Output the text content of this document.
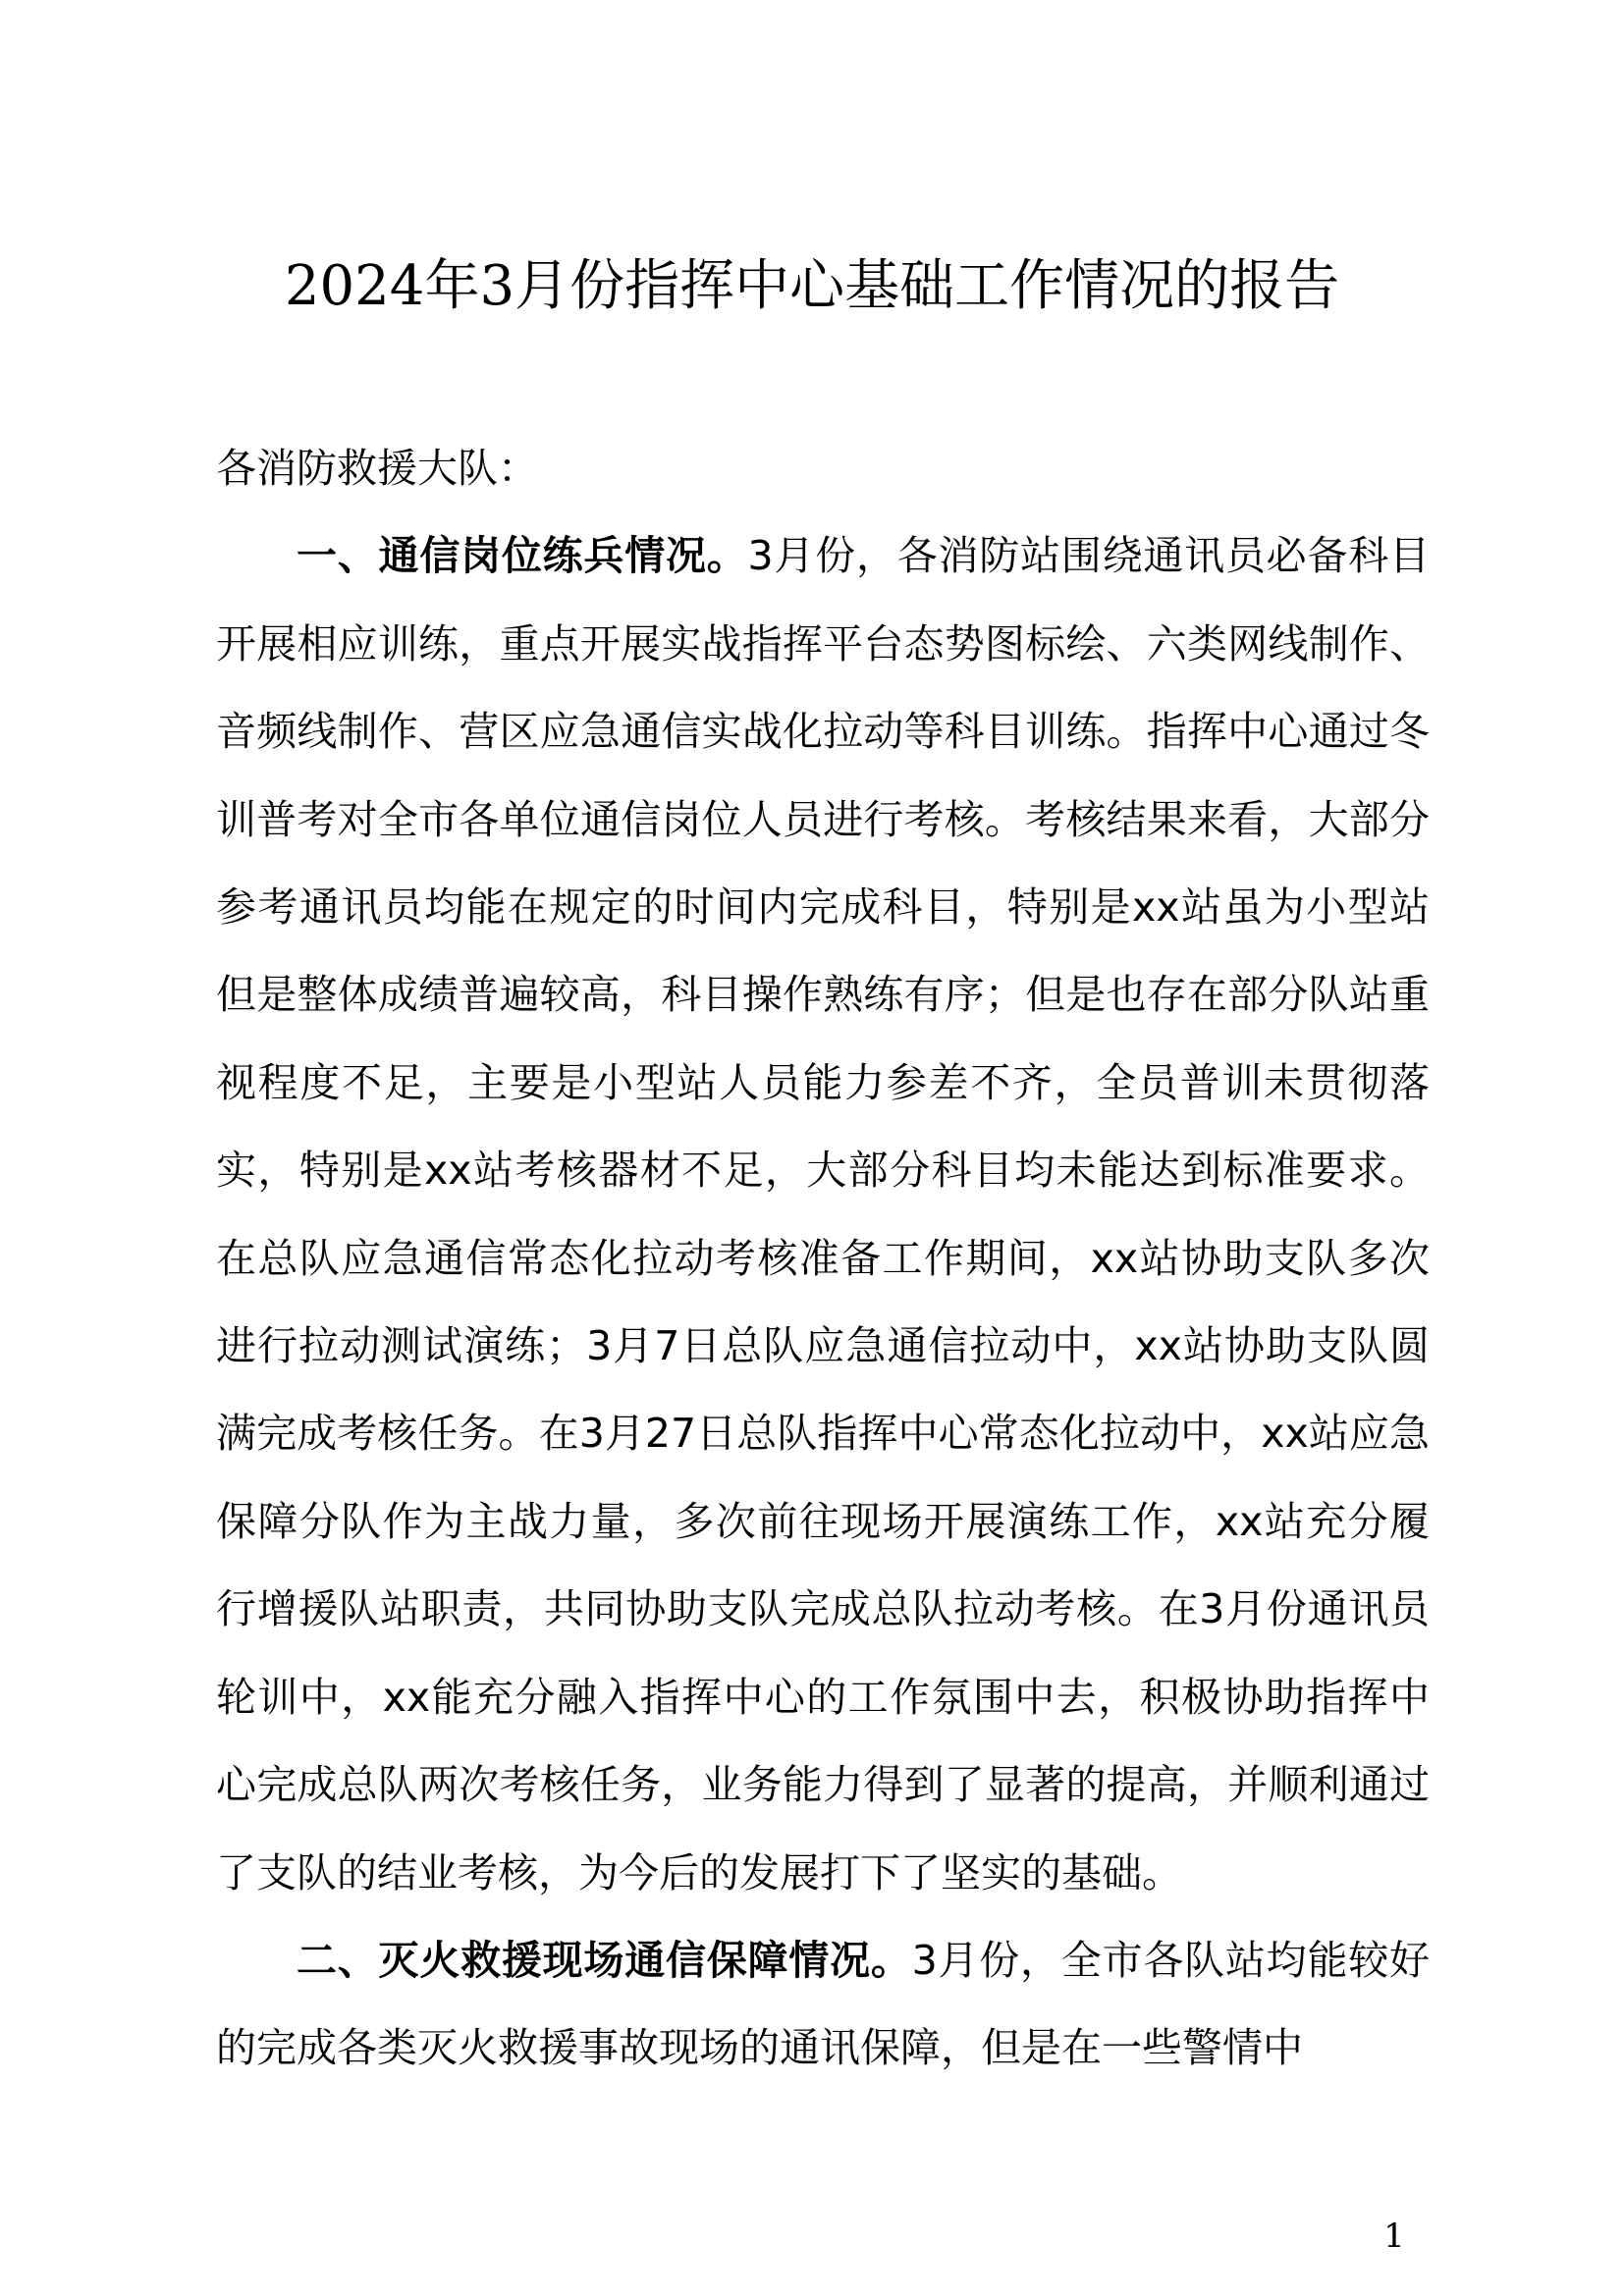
2024年3月份指挥中心基础工作情况的报告

各消防救援大队：

一、通信岗位练兵情况。3月份，各消防站围绕通讯员必备科目开展相应训练，重点开展实战指挥平台态势图标绘、六类网线制作、音频线制作、营区应急通信实战化拉动等科目训练。指挥中心通过冬训普考对全市各单位通信岗位人员进行考核。考核结果来看，大部分参考通讯员均能在规定的时间内完成科目，特别是xx站虽为小型站但是整体成绩普遍较高，科目操作熟练有序；但是也存在部分队站重视程度不足，主要是小型站人员能力参差不齐，全员普训未贯彻落实，特别是xx站考核器材不足，大部分科目均未能达到标准要求。在总队应急通信常态化拉动考核准备工作期间，xx站协助支队多次进行拉动测试演练；3月7日总队应急通信拉动中，xx站协助支队圆满完成考核任务。在3月27日总队指挥中心常态化拉动中，xx站应急保障分队作为主战力量，多次前往现场开展演练工作，xx站充分履行增援队站职责，共同协助支队完成总队拉动考核。在3月份通讯员轮训中，xx能充分融入指挥中心的工作氛围中去，积极协助指挥中心完成总队两次考核任务，业务能力得到了显著的提高，并顺利通过了支队的结业考核，为今后的发展打下了坚实的基础。

二、灭火救援现场通信保障情况。3月份，全市各队站均能较好的完成各类灭火救援事故现场的通讯保障，但是在一些警情中

1
